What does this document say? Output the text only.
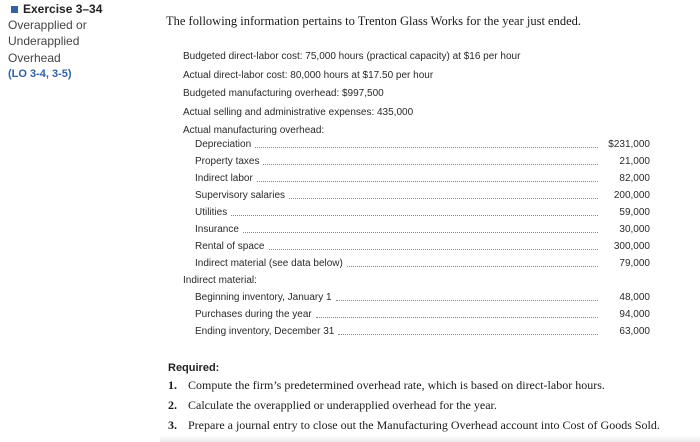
Exercise 3–34
Overapplied or Underapplied
Overhead
(LO 3-4, 3-5)
The following information pertains to Trenton Glass Works for the year just ended.
Budgeted direct-labor cost: 75,000 hours (practical capacity) at $16 per hour
Actual direct-labor cost: 80,000 hours at $17.50 per hour
Budgeted manufacturing overhead: $997,500
Actual selling and administrative expenses: 435,000
Actual manufacturing overhead:
Depreciation	$231,000
Property taxes	21,000
Indirect labor	82,000
Supervisory salaries	200,000
Utilities	59,000
Insurance	30,000
Rental of space	300,000
Indirect material (see data below)	79,000
Indirect material:
Beginning inventory, January 1	48,000
Purchases during the year	94,000
Ending inventory, December 31	63,000
Required:
1. Compute the firm’s predetermined overhead rate, which is based on direct-labor hours.
2. Calculate the overapplied or underapplied overhead for the year.
3. Prepare a journal entry to close out the Manufacturing Overhead account into Cost of Goods Sold.
